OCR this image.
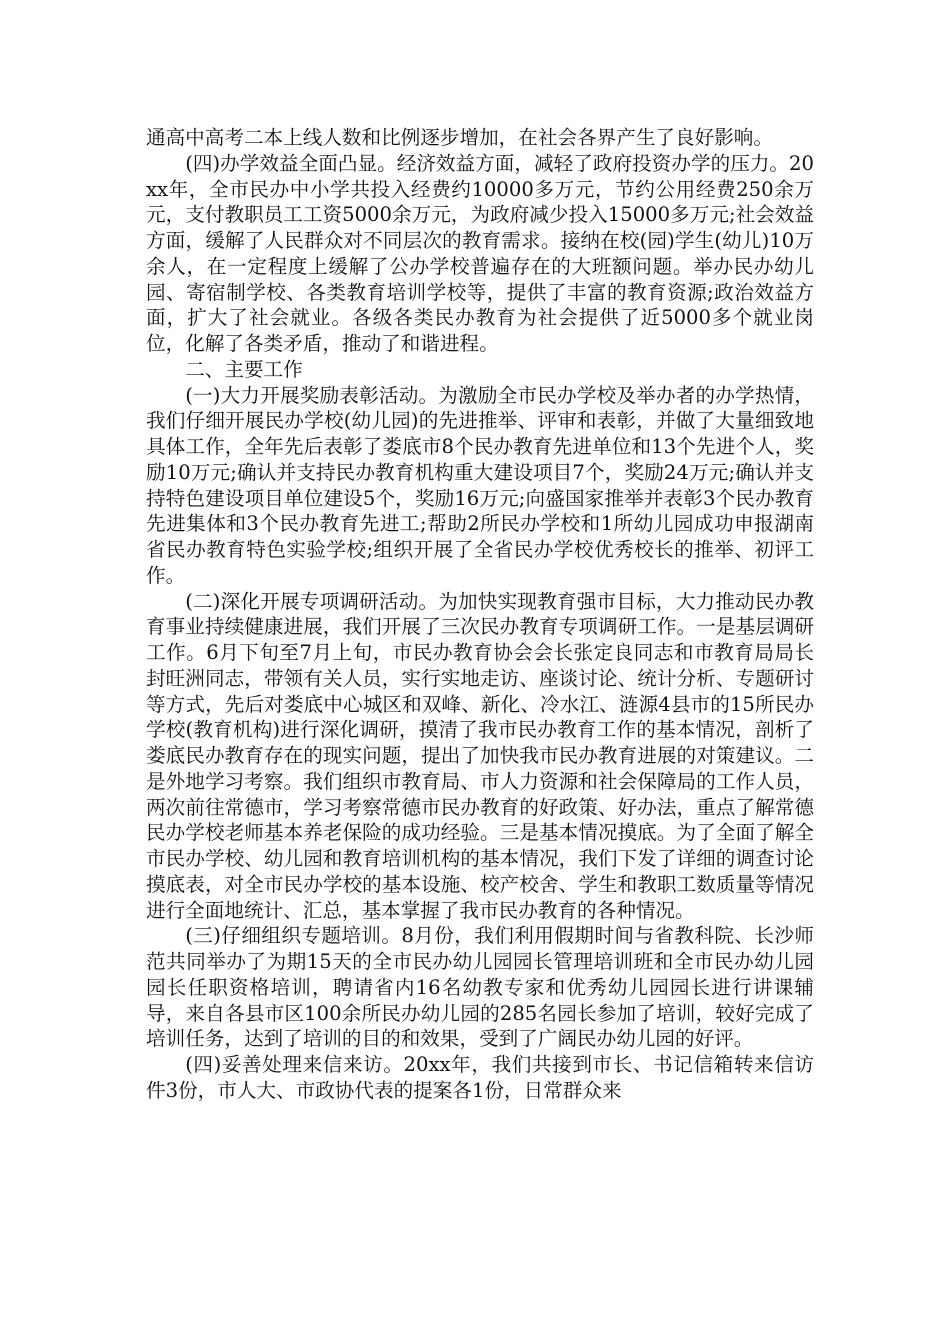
通高中高考二本上线人数和比例逐步增加，在社会各界产生了良好影响。

(四)办学效益全面凸显。经济效益方面，减轻了政府投资办学的压力。20xx年，全市民办中小学共投入经费约10000多万元，节约公用经费250余万元，支付教职员工工资5000余万元，为政府减少投入15000多万元;社会效益方面，缓解了人民群众对不同层次的教育需求。接纳在校(园)学生(幼儿)10万余人，在一定程度上缓解了公办学校普遍存在的大班额问题。举办民办幼儿园、寄宿制学校、各类教育培训学校等，提供了丰富的教育资源;政治效益方面，扩大了社会就业。各级各类民办教育为社会提供了近5000多个就业岗位，化解了各类矛盾，推动了和谐进程。

二、主要工作

(一)大力开展奖励表彰活动。为激励全市民办学校及举办者的办学热情，我们仔细开展民办学校(幼儿园)的先进推举、评审和表彰，并做了大量细致地具体工作，全年先后表彰了娄底市8个民办教育先进单位和13个先进个人，奖励10万元;确认并支持民办教育机构重大建设项目7个，奖励24万元;确认并支持特色建设项目单位建设5个，奖励16万元;向盛国家推举并表彰3个民办教育先进集体和3个民办教育先进工;帮助2所民办学校和1所幼儿园成功申报湖南省民办教育特色实验学校;组织开展了全省民办学校优秀校长的推举、初评工作。

(二)深化开展专项调研活动。为加快实现教育强市目标，大力推动民办教育事业持续健康进展，我们开展了三次民办教育专项调研工作。一是基层调研工作。6月下旬至7月上旬，市民办教育协会会长张定良同志和市教育局局长封旺洲同志，带领有关人员，实行实地走访、座谈讨论、统计分析、专题研讨等方式，先后对娄底中心城区和双峰、新化、冷水江、涟源4县市的15所民办学校(教育机构)进行深化调研，摸清了我市民办教育工作的基本情况，剖析了娄底民办教育存在的现实问题，提出了加快我市民办教育进展的对策建议。二是外地学习考察。我们组织市教育局、市人力资源和社会保障局的工作人员，两次前往常德市，学习考察常德市民办教育的好政策、好办法，重点了解常德民办学校老师基本养老保险的成功经验。三是基本情况摸底。为了全面了解全市民办学校、幼儿园和教育培训机构的基本情况，我们下发了详细的调查讨论摸底表，对全市民办学校的基本设施、校产校舍、学生和教职工数质量等情况进行全面地统计、汇总，基本掌握了我市民办教育的各种情况。

(三)仔细组织专题培训。8月份，我们利用假期时间与省教科院、长沙师范共同举办了为期15天的全市民办幼儿园园长管理培训班和全市民办幼儿园园长任职资格培训，聘请省内16名幼教专家和优秀幼儿园园长进行讲课辅导，来自各县市区100余所民办幼儿园的285名园长参加了培训，较好完成了培训任务，达到了培训的目的和效果，受到了广阔民办幼儿园的好评。

(四)妥善处理来信来访。20xx年，我们共接到市长、书记信箱转来信访件3份，市人大、市政协代表的提案各1份，日常群众来
